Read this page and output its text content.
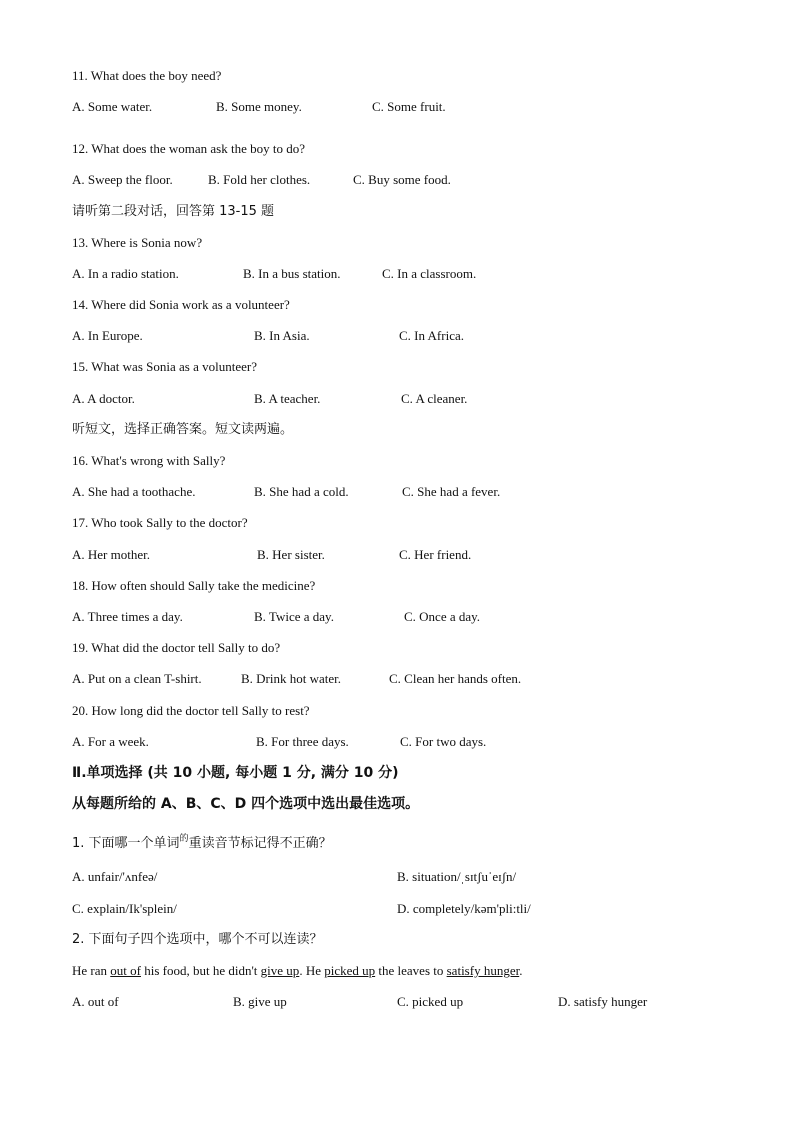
11. What does the boy need?
A. Some water.	B. Some money.	C. Some fruit.
12. What does the woman ask the boy to do?
A. Sweep the floor.	B. Fold her clothes.	C. Buy some food.
请听第二段对话，回答第 13-15 题
13. Where is Sonia now?
A. In a radio station.	B. In a bus station.	C. In a classroom.
14. Where did Sonia work as a volunteer?
A. In Europe.	B. In Asia.	C. In Africa.
15. What was Sonia as a volunteer?
A. A doctor.	B. A teacher.	C. A cleaner.
听短文，选择正确答案。短文读两遍。
16. What's wrong with Sally?
A. She had a toothache.	B. She had a cold.	C. She had a fever.
17. Who took Sally to the doctor?
A. Her mother.	B. Her sister.	C. Her friend.
18. How often should Sally take the medicine?
A. Three times a day.	B. Twice a day.	C. Once a day.
19. What did the doctor tell Sally to do?
A. Put on a clean T-shirt.	B. Drink hot water.	C. Clean her hands often.
20. How long did the doctor tell Sally to rest?
A. For a week.	B. For three days.	C. For two days.
Ⅱ.单项选择 (共 10 小题, 每小题 1 分, 满分 10 分)
从每题所给的 A、B、C、D 四个选项中选出最佳选项。
1. 下面哪一个单词$^的$重读音节标记得不正确？
A. unfair/'ʌnfeə/	B. situation/ˌsɪtʃuˈeɪʃn/
C. explain/Ik'splein/	D. completely/kəm'pli:tli/
2. 下面句子四个选项中，哪个不可以连读？
He ran out of his food, but he didn't give up. He picked up the leaves to satisfy hunger.
A. out of	B. give up	C. picked up	D. satisfy hunger
